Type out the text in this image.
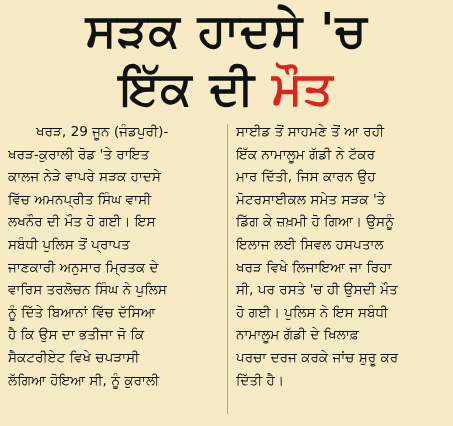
ਸੜਕ ਹਾਦਸੇ 'ਚ
ਇੱਕ ਦੀ ਮੌਤ
ਖਰੜ, 29 ਜੂਨ (ਜੰਡਪੁਰੀ)-
ਖਰੜ-ਕੁਰਾਲੀ ਰੋਡ 'ਤੇ ਰਾਇਤ
ਕਾਲਜ ਨੇੜੇ ਵਾਪਰੇ ਸੜਕ ਹਾਦਸੇ
ਵਿੱਚ ਅਮਨਪ੍ਰੀਤ ਸਿੰਘ ਵਾਸੀ
ਲਖਨੌਰ ਦੀ ਮੌਤ ਹੋ ਗਈ। ਇਸ
ਸਬੰਧੀ ਪੁਲਿਸ ਤੋਂ ਪ੍ਰਾਪਤ
ਜਾਣਕਾਰੀ ਅਨੁਸਾਰ ਮ੍ਰਿਤਕ ਦੇ
ਵਾਰਿਸ ਤਰਲੋਚਨ ਸਿੰਘ ਨੇ ਪੁਲਿਸ
ਨੂੰ ਦਿੱਤੇ ਬਿਆਨਾਂ ਵਿੱਚ ਦੱਸਿਆ
ਹੈ ਕਿ ਉਸ ਦਾ ਭਤੀਜਾ ਜੋ ਕਿ
ਸੈਕਟਰੀਏਟ ਵਿਖੇ ਚਪੜਾਸੀ
ਲੱਗਿਆ ਹੋਇਆ ਸੀ, ਨੂੰ ਕੁਰਾਲੀ
ਸਾਈਡ ਤੋਂ ਸਾਹਮਣੇ ਤੋਂ ਆ ਰਹੀ
ਇੱਕ ਨਾਮਾਲੂਮ ਗੱਡੀ ਨੇ ਟੱਕਰ
ਮਾਰ ਦਿੱਤੀ, ਜਿਸ ਕਾਰਨ ਉਹ
ਮੋਟਰਸਾਈਕਲ ਸਮੇਤ ਸੜਕ 'ਤੇ
ਡਿੱਗ ਕੇ ਜ਼ਖ਼ਮੀ ਹੋ ਗਿਆ। ਉਸਨੂੰ
ਇਲਾਜ ਲਈ ਸਿਵਲ ਹਸਪਤਾਲ
ਖਰੜ ਵਿਖੇ ਲਿਜਾਇਆ ਜਾ ਰਿਹਾ
ਸੀ, ਪਰ ਰਸਤੇ 'ਚ ਹੀ ਉਸਦੀ ਮੌਤ
ਹੋ ਗਈ। ਪੁਲਿਸ ਨੇ ਇਸ ਸਬੰਧੀ
ਨਾਮਾਲੂਮ ਗੱਡੀ ਦੇ ਖਿਲਾਫ਼
ਪਰਚਾ ਦਰਜ ਕਰਕੇ ਜਾਂਚ ਸ਼ੁਰੂ ਕਰ
ਦਿੱਤੀ ਹੈ।
